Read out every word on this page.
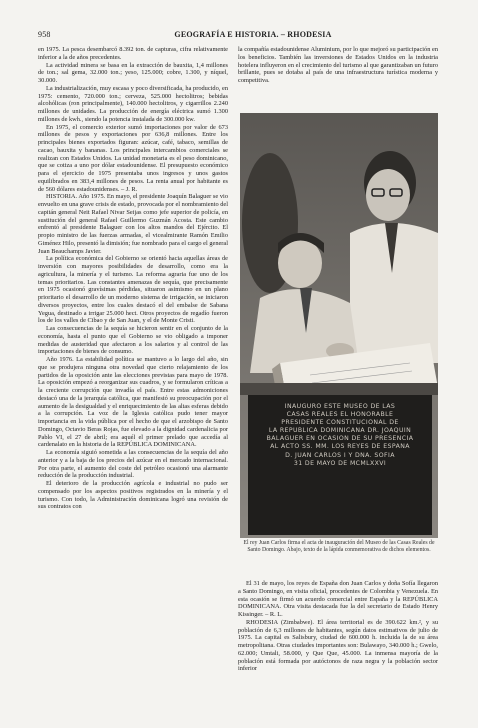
958	GEOGRAFÍA E HISTORIA. – RHODESIA

en 1975. La pesca desembarcó 8.392 ton. de capturas, cifra relativamente inferior a la de años precedentes.

La actividad minera se basa en la extracción de bauxita, 1,4 millones de ton.; sal gema, 32.000 ton.; yeso, 125.000; cobre, 1.300, y níquel, 30.000.

La industrialización, muy escasa y poco diversificada, ha producido, en 1975: cemento, 720.000 ton.; cerveza, 525.000 hectolitros; bebidas alcohólicas (ron principalmente), 140.000 hectolitros, y cigarrillos 2.240 millones de unidades. La producción de energía eléctrica sumó 1.300 millones de kwh., siendo la potencia instalada de 300.000 kw.

En 1975, el comercio exterior sumó importaciones por valor de 673 millones de pesos y exportaciones por 636,8 millones. Entre los principales bienes exportados figuran: azúcar, café, tabaco, semillas de cacao, bauxita y bananas. Los principales intercambios comerciales se realizan con Estados Unidos. La unidad monetaria es el peso dominicano, que se cotiza a uno por dólar estadounidense. El presupuesto económico para el ejercicio de 1975 presentaba unos ingresos y unos gastos equilibrados en 383,4 millones de pesos. La renta anual por habitante es de 560 dólares estadounidenses. – J. R.

HISTORIA. Año 1975. En mayo, el presidente Joaquín Balaguer se vio envuelto en una grave crisis de estado, provocada por el nombramiento del capitán general Neit Rafael Nivar Seijas como jefe superior de policía, en sustitución del general Rafael Guillermo Guzmán Acosta. Este cambio enfrentó al presidente Balaguer con los altos mandos del Ejército. El propio ministro de las fuerzas armadas, el vicealmirante Ramón Emilio Giménez Hilo, presentó la dimisión; fue nombrado para el cargo el general Juan Beauchamps Javier.

La política económica del Gobierno se orientó hacia aquellas áreas de inversión con mayores posibilidades de desarrollo, como era la agricultura, la minería y el turismo. La reforma agraria fue uno de los temas prioritarios. Las constantes amenazas de sequía, que precisamente en 1975 ocasionó gravísimas pérdidas, situaron asimismo en un plano prioritario el desarrollo de un moderno sistema de irrigación, se iniciaron diversos proyectos, entre los cuales destacó el del embalse de Sabana Yegua, destinado a irrigar 25.000 hect. Otros proyectos de regadío fueron los de los valles de Cibao y de San Juan, y el de Monte Cristi.

Las consecuencias de la sequía se hicieron sentir en el conjunto de la economía, hasta el punto que el Gobierno se vio obligado a imponer medidas de austeridad que afectaron a los salarios y al control de las importaciones de bienes de consumo.

Año 1976. La estabilidad política se mantuvo a lo largo del año, sin que se produjera ninguna otra novedad que cierto relajamiento de los partidos de la oposición ante las elecciones previstas para mayo de 1978. La oposición empezó a reorganizar sus cuadros, y se formularon críticas a la creciente corrupción que invadía el país. Entre estas admoniciones destacó una de la jerarquía católica, que manifestó su preocupación por el aumento de la desigualdad y el enriquecimiento de las altas esferas debido a la corrupción. La voz de la Iglesia católica pudo tener mayor importancia en la vida pública por el hecho de que el arzobispo de Santo Domingo, Octavio Beras Rojas, fue elevado a la dignidad cardenalicia por Pablo VI, el 27 de abril; era aquél el primer prelado que accedía al cardenalato en la historia de la REPÚBLICA DOMINICANA.

La economía siguió sometida a las consecuencias de la sequía del año anterior y a la baja de los precios del azúcar en el mercado internacional. Por otra parte, el aumento del coste del petróleo ocasionó una alarmante reducción de la producción industrial.

El deterioro de la producción agrícola e industrial no pudo ser compensado por los aspectos positivos registrados en la minería y el turismo. Con todo, la Administración dominicana logró una revisión de sus contratos con

la compañía estadounidense Aluminium, por lo que mejoró su participación en los beneficios. También las inversiones de Estados Unidos en la industria hotelera influyeron en el crecimiento del turismo al que garantizaban un futuro brillante, pues se dotaba al país de una infraestructura turística moderna y competitiva.

INAUGURÓ ESTE MUSEO DE LAS
CASAS REALES EL HONORABLE
PRESIDENTE CONSTITUCIONAL DE
LA REPÚBLICA DOMINICANA DR. JOAQUÍN
BALAGUER EN OCASIÓN DE SU PRESENCIA
AL ACTO SS. MM. LOS REYES DE ESPAÑA
D. JUAN CARLOS I Y DÑA. SOFÍA
31 DE MAYO DE MCMLXXVI
El rey Juan Carlos firma el acta de inauguración del Museo de las Casas Reales de Santo Domingo. Abajo, texto de la lápida conmemorativa de dichos elementos.

El 31 de mayo, los reyes de España don Juan Carlos y doña Sofía llegaron a Santo Domingo, en visita oficial, procedentes de Colombia y Venezuela. En esta ocasión se firmó un acuerdo comercial entre España y la REPÚBLICA DOMINICANA. Otra visita destacada fue la del secretario de Estado Henry Kissinger. – R. L.

RHODESIA (Zimbabwe). El área territorial es de 390.622 km.², y su población de 6,3 millones de habitantes, según datos estimativos de julio de 1975. La capital es Salisbury, ciudad de 600.000 h. incluida la de su área metropolitana. Otras ciudades importantes son: Bulawayo, 340.000 h.; Gwelo, 62.000; Umtali, 58.000, y Que Que, 45.000. La inmensa mayoría de la población está formada por autóctonos de raza negra y la población sector inferior
